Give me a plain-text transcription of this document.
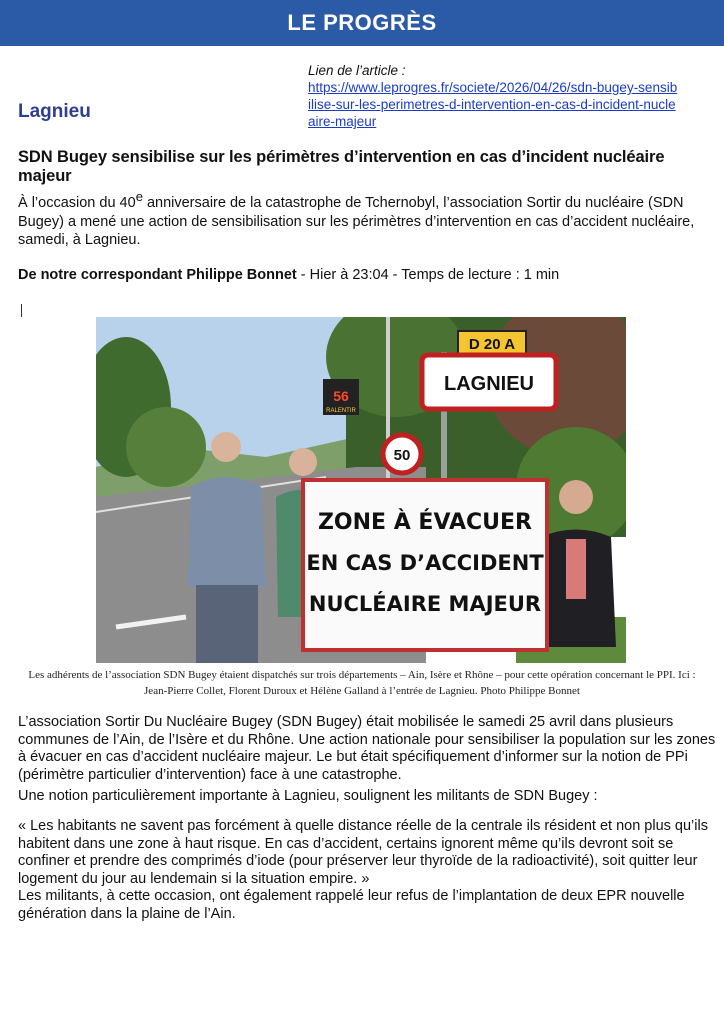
LE PROGRÈS
Lien de l’article :
https://www.leprogres.fr/societe/2026/04/26/sdn-bugey-sensibilise-sur-les-perimetres-d-intervention-en-cas-d-incident-nucleaire-majeur
Lagnieu
SDN Bugey sensibilise sur les périmètres d’intervention en cas d’incident nucléaire majeur
À l’occasion du 40e anniversaire de la catastrophe de Tchernobyl, l’association Sortir du nucléaire (SDN Bugey) a mené une action de sensibilisation sur les périmètres d’intervention en cas d’accident nucléaire, samedi, à Lagnieu.
De notre correspondant Philippe Bonnet - Hier à 23:04 - Temps de lecture : 1 min
D 20 A
LAGNIEU
56
RALENTIR
50
ZONE À ÉVACUER
EN CAS D’ACCIDENT
NUCLÉAIRE MAJEUR
Les adhérents de l’association SDN Bugey étaient dispatchés sur trois départements – Ain, Isère et Rhône – pour cette opération concernant le PPI. Ici : Jean-Pierre Collet, Florent Duroux et Hélène Galland à l’entrée de Lagnieu. Photo Philippe Bonnet
L’association Sortir Du Nucléaire Bugey (SDN Bugey) était mobilisée le samedi 25 avril dans plusieurs communes de l’Ain, de l’Isère et du Rhône. Une action nationale pour sensibiliser la population sur les zones à évacuer en cas d’accident nucléaire majeur. Le but était spécifiquement d’informer sur la notion de PPi (périmètre particulier d’intervention) face à une catastrophe.
Une notion particulièrement importante à Lagnieu, soulignent les militants de SDN Bugey :
« Les habitants ne savent pas forcément à quelle distance réelle de la centrale ils résident et non plus qu’ils habitent dans une zone à haut risque. En cas d’accident, certains ignorent même qu’ils devront soit se confiner et prendre des comprimés d’iode (pour préserver leur thyroïde de la radioactivité), soit quitter leur logement du jour au lendemain si la situation empire. »
Les militants, à cette occasion, ont également rappelé leur refus de l’implantation de deux EPR nouvelle génération dans la plaine de l’Ain.
